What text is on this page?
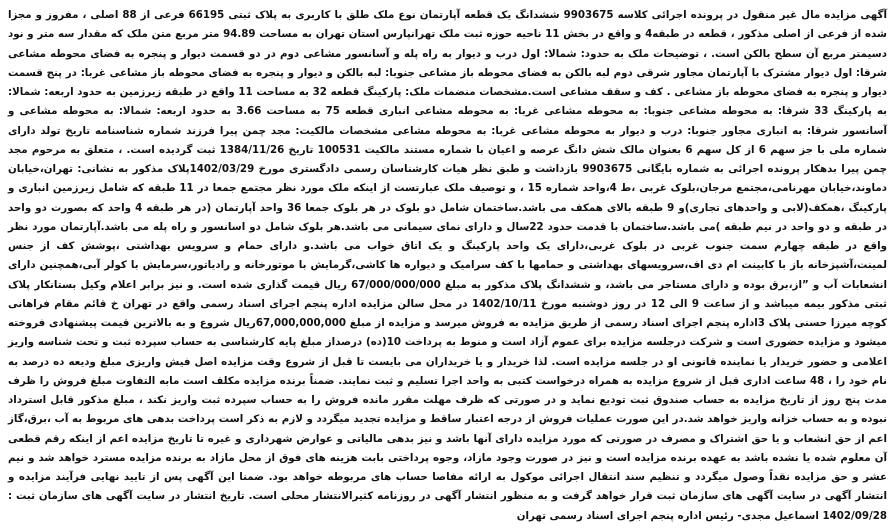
آگهی مزایده مال غیر منقول در پرونده اجرائی کلاسه 9903675 ششدانگ یک قطعه آپارتمان نوع ملک طلق با کاربری به پلاک ثبتی 66195 فرعی از 88 اصلی ، مفروز و مجزا شده از فرعی از اصلی مذکور ، قطعه در طبقه4 و واقع در بخش 11 ناحیه حوزه ثبت ملک تهرانپارس استان تهران به مساحت 94.89 متر مربع متن ملک که مقدار سه متر و نود دسیمتر مربع آن سطح بالکن است. ، توضیحات ملک به حدود: شمالا: اول درب و دیوار به راه پله و آسانسور مشاعی دوم در دو قسمت دیوار و پنجره به فضای محوطه مشاعی شرقا: اول دیوار مشترک با آپارتمان مجاور شرقی دوم لبه بالکن به فضای محوطه باز مشاعی جنوبا: لبه بالکن و دیوار و پنجره به فضای محوطه باز مشاعی غربا: در پنج قسمت دیوار و پنجره به فضای محوطه باز مشاعی . کف و سقف مشاعی است.مشخصات منضمات ملک: پارکینگ قطعه 32 به مساحت 11 واقع در طبقه زیرزمین به حدود اربعه: شمالا: به پارکینگ 33 شرقا: به محوطه مشاعی جنوبا: به محوطه مشاعی غربا: به محوطه مشاعی انباری قطعه 75 به مساحت 3.66 به حدود اربعه: شمالا: به محوطه مشاعی و آسانسور شرقا: به انباری مجاور جنوبا: درب و دیوار به محوطه مشاعی غربا: به محوطه مشاعی مشخصات مالکیت: مجد چمن پیرا فرزند شماره شناسنامه تاریخ تولد دارای شماره ملی با جز سهم 6 از کل سهم 6 بعنوان مالک شش دانگ عرصه و اعیان با شماره مستند مالکیت 100531 تاریخ 1384/11/26 ثبت گردیده است. ، متعلق به مرحوم مجد چمن پیرا بدهکار پرونده اجرائی به شماره بایگانی 9903675 بازداشت و طبق نظر هیات کارشناسان رسمی دادگستری مورخ 1402/03/29پلاک مذکور به نشانی: تهران،خیابان دماوند،خیابان مهرنامی،مجتمع مرجان،بلوک غربی ،ط 4،واحد شماره 15 ، و توصیف ملک عبارتست از اینکه ملک مورد نظر مجتمع جمعا در 11 طبقه که شامل زیرزمین انباری و پارکینگ ،همکف(لابی و واحدهای تجاری)و 9 طبقه بالای همکف می باشد.ساختمان شامل دو بلوک در هر بلوک جمعا 36 واحد آپارتمان (در هر طبقه 4 واحد که بصورت دو واحد در طبقه و دو واحد در نیم طبقه )می باشد.ساختمان با قدمت حدود 22سال و دارای نمای سیمانی می باشد.هر بلوک شامل دو اسانسور و راه پله می باشد.آپارتمان مورد نظر واقع در طبقه چهارم سمت جنوب غربی در بلوک غربی،دارای یک واحد پارکینگ و یک اتاق خواب می باشد.و دارای حمام و سرویس بهداشتی ،پوشش کف از جنس لمینت،آشپزخانه باز با کابینت ام دی اف،سرویسهای بهداشتی و حمامها با کف سرامیک و دیواره ها کاشی،گرمایش با موتورخانه و رادیاتور،سرمایش با کولر آبی،همچنین دارای انشعابات آب و ”از،برق بوده و دارای مستاجر می باشد، و ششدانگ پلاک مذکور به مبلغ 67/000/000/000 ریال قیمت گذاری شده است. و نیز برابر اعلام وکیل بستانکار پلاک ثبتی مذکور بیمه میباشد و از ساعت 9 الی 12 در روز دوشنبه مورخ 1402/10/11 در محل سالن مزایده اداره پنجم اجرای اسناد رسمی واقع در تهران خ قائم مقام فراهانی کوچه میرزا حسنی پلاک 3اداره پنجم اجرای اسناد رسمی از طریق مزایده به فروش میرسد و مزایده از مبلغ 67,000,000,000ریال شروع و به بالاترین قیمت پیشنهادی فروخته میشود و مزایده حضوری است و شرکت درجلسه مزایده برای عموم آزاد است و منوط به پرداخت 10(ده) درصداز مبلغ پایه کارشناسی به حساب سپرده ثبت و تحت شناسه واریز اعلامی و حضور خریدار یا نماینده قانونی او در جلسه مزایده است. لذا خریدار و یا خریداران می بایست تا قبل از شروع وقت مزایده اصل فیش واریزی مبلغ ودیعه ده درصد به نام خود را ، 48 ساعت اداری قبل از شروع مزایده به همراه درخواست کتبی به واحد اجرا تسلیم و ثبت نمایند. ضمناً برنده مزایده مکلف است مابه التفاوت مبلغ فروش را ظرف مدت پنج روز از تاریخ مزایده به حساب صندوق ثبت تودیع نماید و در صورتی که ظرف مهلت مقرر مانده فروش را به حساب سپرده ثبت واریز نکند ، مبلغ مذکور قابل استرداد نبوده و به حساب خزانه واریز خواهد شد.در این صورت عملیات فروش از درجه اعتبار ساقط و مزایده تجدید میگردد و لازم به ذکر است پرداخت بدهی های مربوط به آب ،برق،گاز اعم از حق انشعاب و یا حق اشتراک و مصرف در صورتی که مورد مزایده دارای آنها باشد و نیز بدهی مالیاتی و عوارض شهرداری و غیره تا تاریخ مزایده اعم از اینکه رقم قطعی آن معلوم شده یا نشده باشد به عهده برنده مزایده است و نیز در صورت وجود مازاد، وجوه پرداختی بابت هزینه های فوق از محل مازاد به برنده مزایده مسترد خواهد شد و نیم عشر و حق مزایده نقداً وصول میگردد و تنظیم سند انتقال اجرائی موکول به ارائه مفاصا حساب های مربوطه خواهد بود. ضمنا این آگهی پس از تایید نهایی فرآیند مزایده و انتشار آگهی در سایت آگهی های سازمان ثبت قرار خواهد گرفت و به منظور انتشار آگهی در روزنامه کثیرالانتشار محلی است. تاریخ انتشار در سایت آگهی های سازمان ثبت : 1402/09/28 اسماعیل مجدی- رئیس اداره پنجم اجرای اسناد رسمی تهران
